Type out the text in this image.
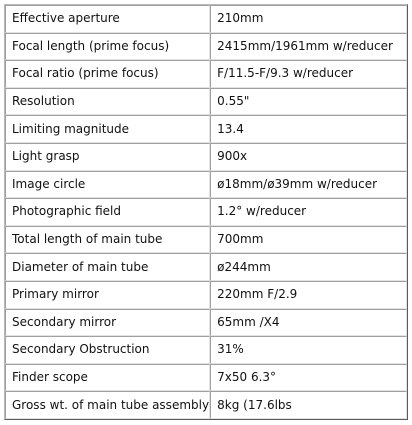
Effective aperture	210mm
Focal length (prime focus)	2415mm/1961mm w/reducer
Focal ratio (prime focus)	F/11.5-F/9.3 w/reducer
Resolution	0.55"
Limiting magnitude	13.4
Light grasp	900x
Image circle	ø18mm/ø39mm w/reducer
Photographic field	1.2° w/reducer
Total length of main tube	700mm
Diameter of main tube	ø244mm
Primary mirror	220mm F/2.9
Secondary mirror	65mm /X4
Secondary Obstruction	31%
Finder scope	7x50 6.3°
Gross wt. of main tube assembly	8kg (17.6lbs
